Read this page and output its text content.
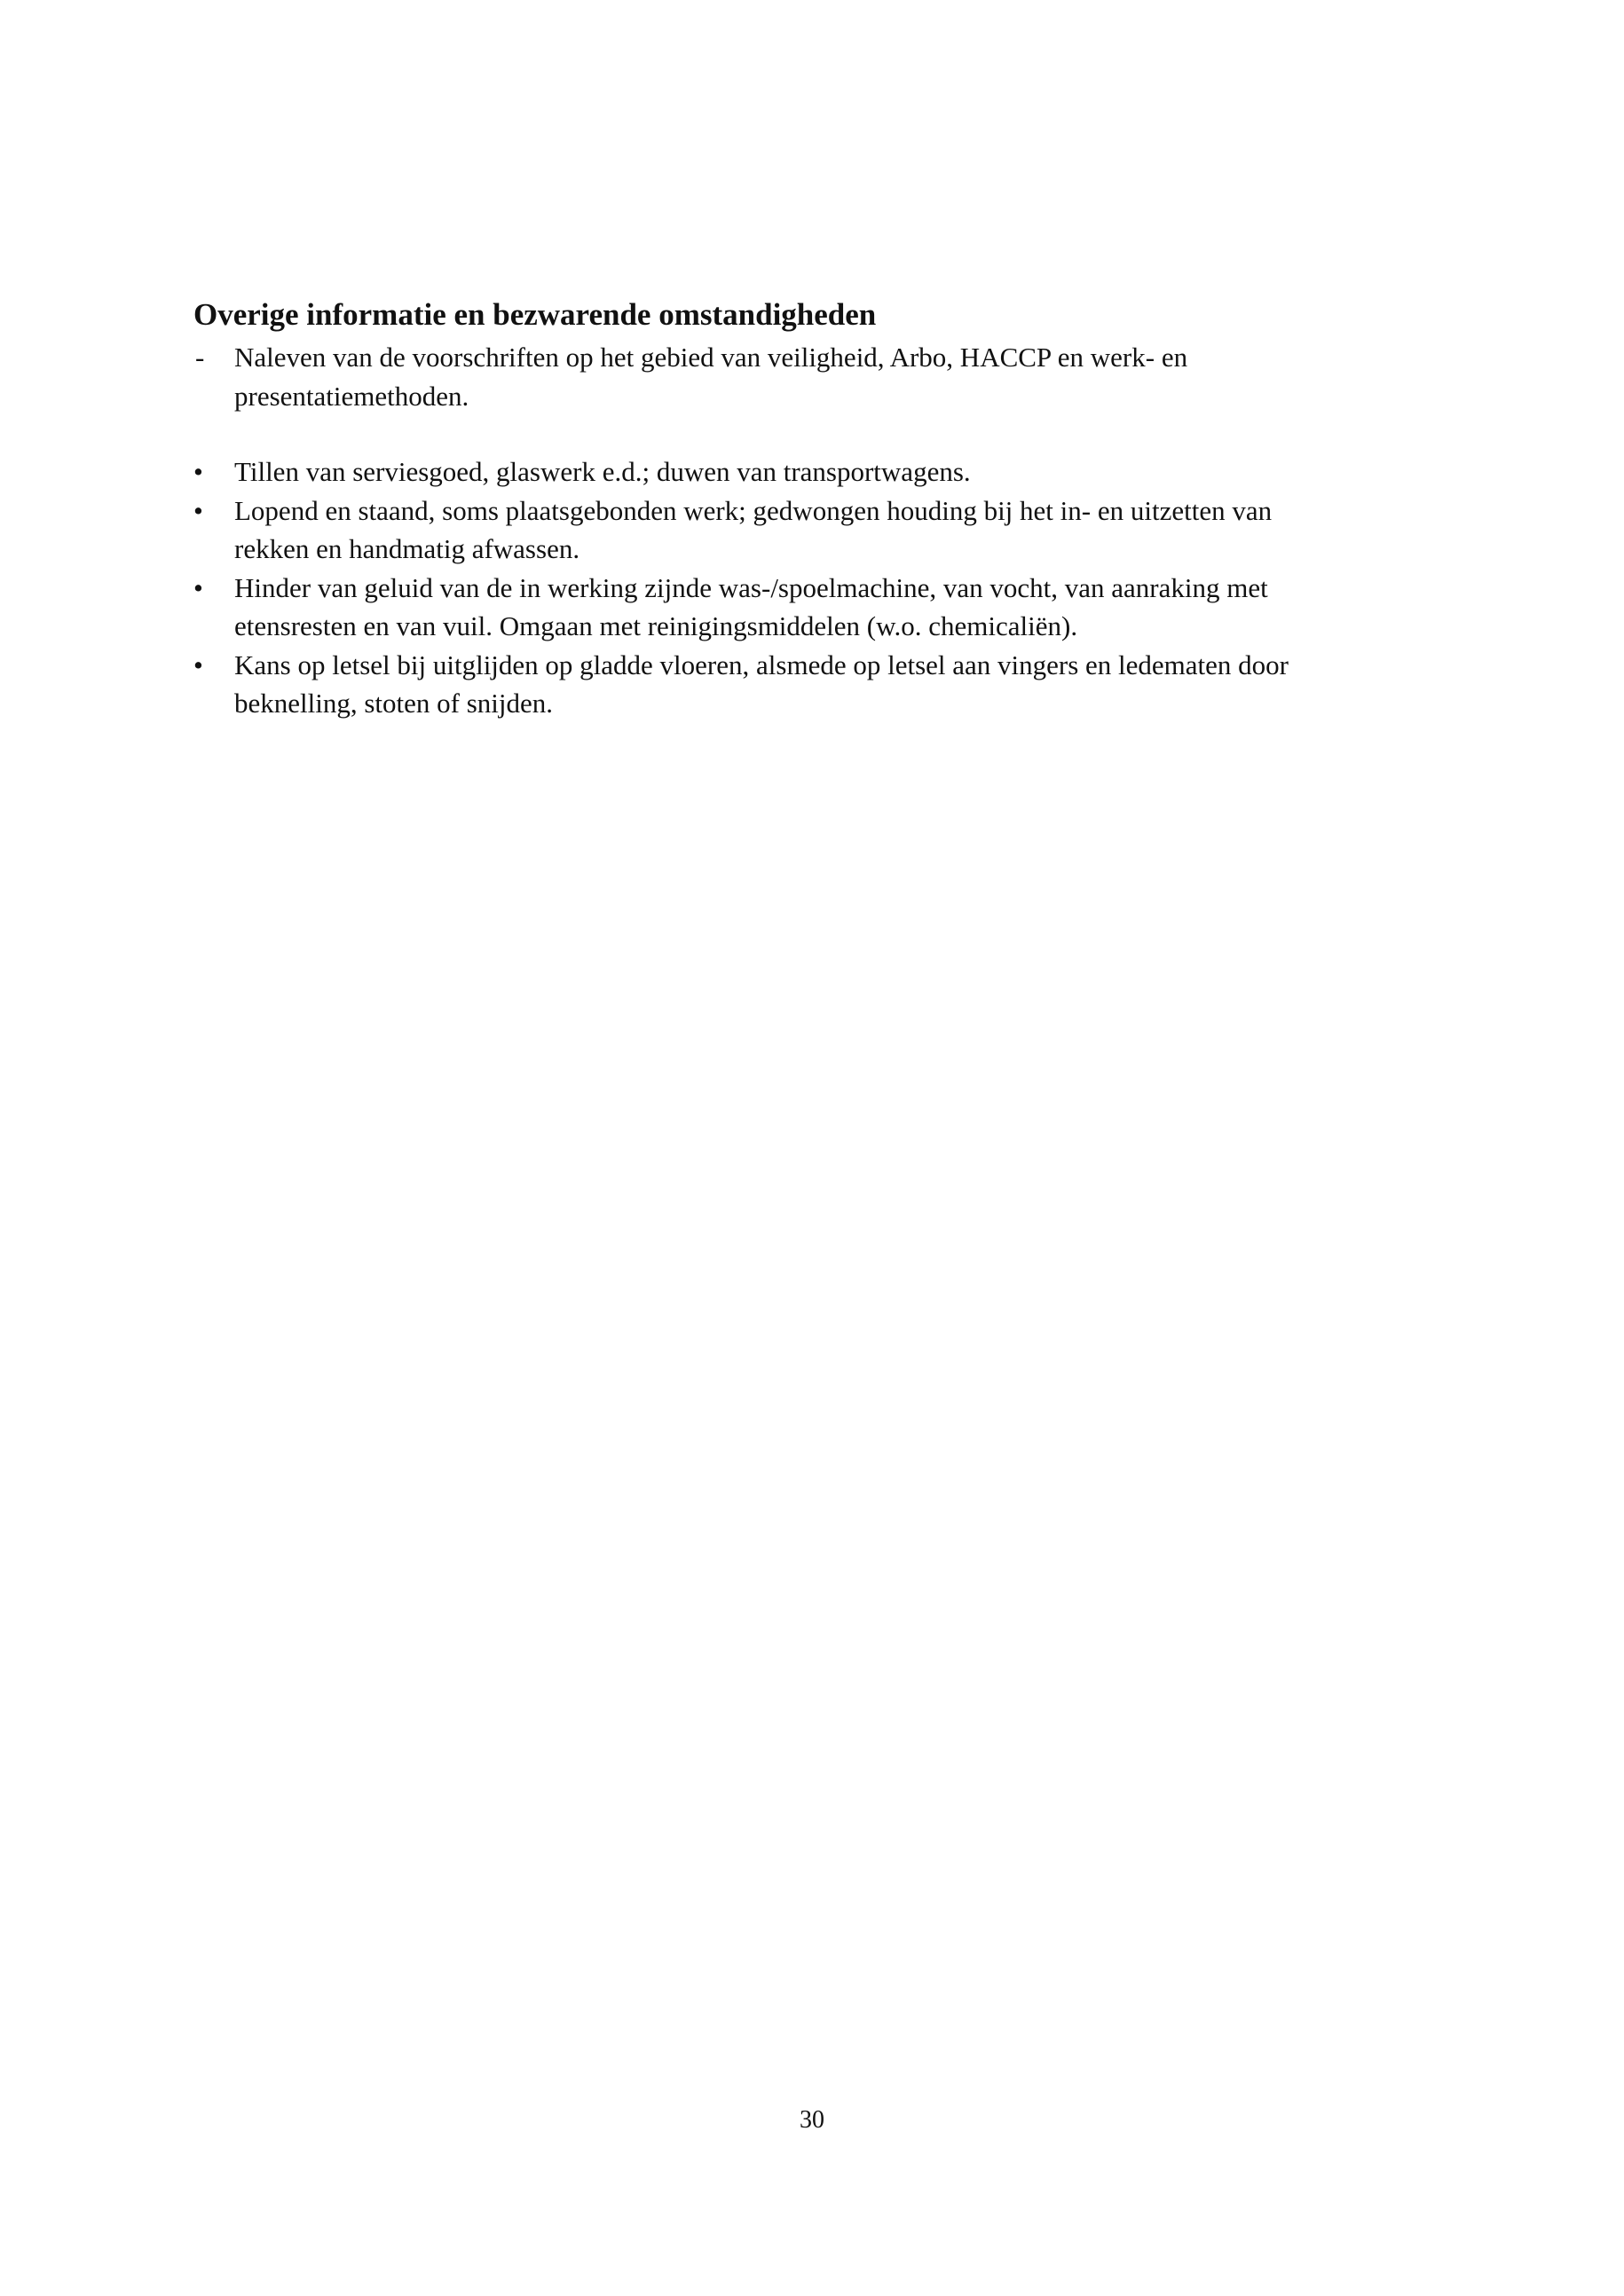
Overige informatie en bezwarende omstandigheden
-	Naleven van de voorschriften op het gebied van veiligheid, Arbo, HACCP en werk- en
presentatiemethoden.
•	Tillen van serviesgoed, glaswerk e.d.; duwen van transportwagens.
•	Lopend en staand, soms plaatsgebonden werk; gedwongen houding bij het in- en uitzetten van
rekken en handmatig afwassen.
•	Hinder van geluid van de in werking zijnde was-/spoelmachine, van vocht, van aanraking met
etensresten en van vuil. Omgaan met reinigingsmiddelen (w.o. chemicaliën).
•	Kans op letsel bij uitglijden op gladde vloeren, alsmede op letsel aan vingers en ledematen door
beknelling, stoten of snijden.
30
